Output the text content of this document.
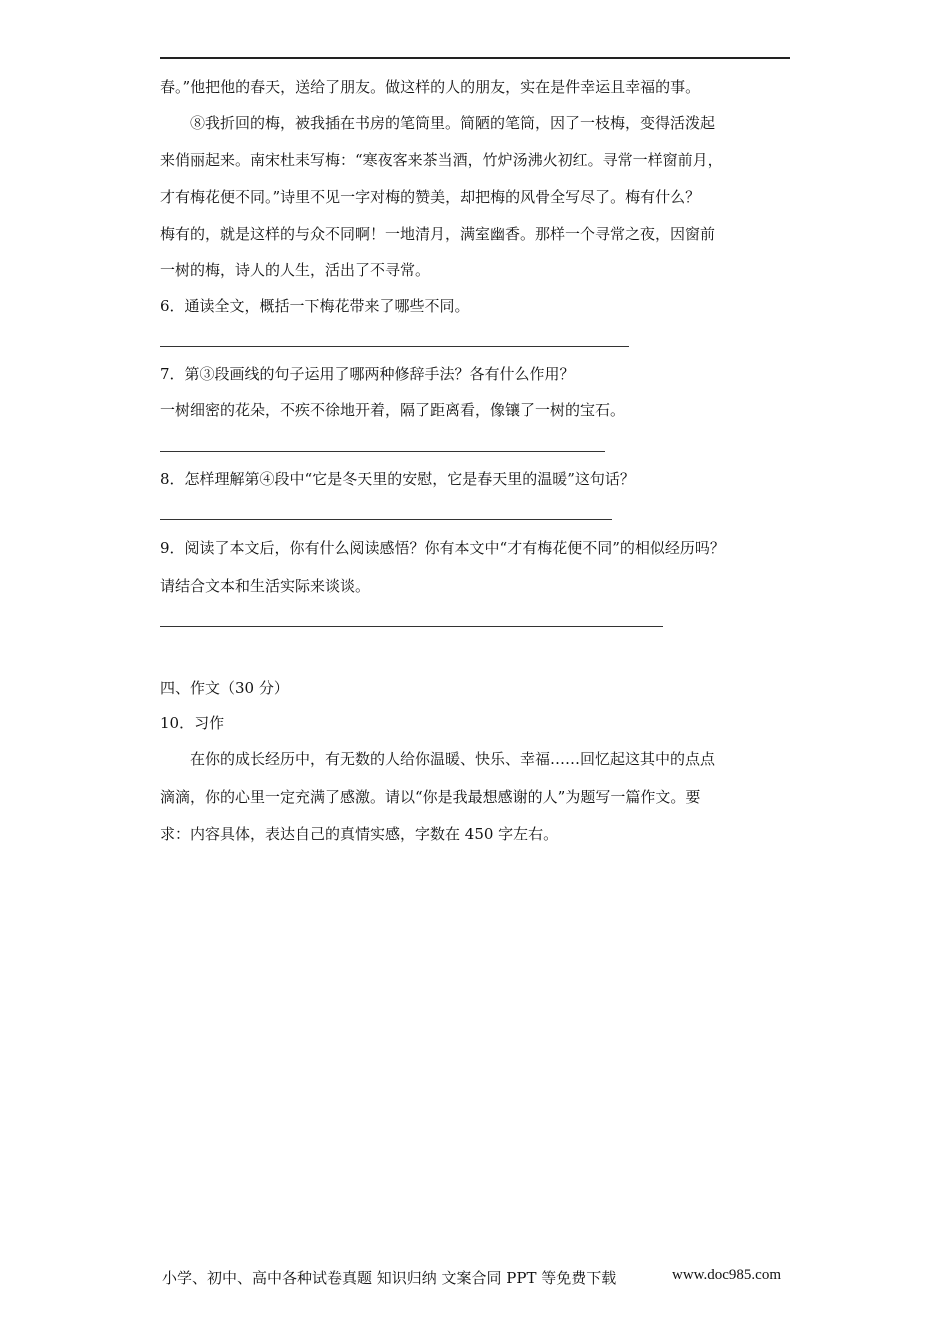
春。”他把他的春天，送给了朋友。做这样的人的朋友，实在是件幸运且幸福的事。
⑧我折回的梅，被我插在书房的笔筒里。简陋的笔筒，因了一枝梅，变得活泼起
来俏丽起来。南宋杜耒写梅：“寒夜客来茶当酒，竹炉汤沸火初红。寻常一样窗前月，
才有梅花便不同。”诗里不见一字对梅的赞美，却把梅的风骨全写尽了。梅有什么？
梅有的，就是这样的与众不同啊！一地清月，满室幽香。那样一个寻常之夜，因窗前
一树的梅，诗人的人生，活出了不寻常。
6．通读全文，概括一下梅花带来了哪些不同。
7．第③段画线的句子运用了哪两种修辞手法？各有什么作用？
一树细密的花朵，不疾不徐地开着，隔了距离看，像镶了一树的宝石。
8．怎样理解第④段中“它是冬天里的安慰，它是春天里的温暖”这句话？
9．阅读了本文后，你有什么阅读感悟？你有本文中“才有梅花便不同”的相似经历吗？
请结合文本和生活实际来谈谈。
四、作文（30 分）
10．习作
在你的成长经历中，有无数的人给你温暖、快乐、幸福……回忆起这其中的点点
滴滴，你的心里一定充满了感激。请以“你是我最想感谢的人”为题写一篇作文。要
求：内容具体，表达自己的真情实感，字数在 450 字左右。
小学、初中、高中各种试卷真题 知识归纳 文案合同 PPT 等免费下载	www.doc985.com
